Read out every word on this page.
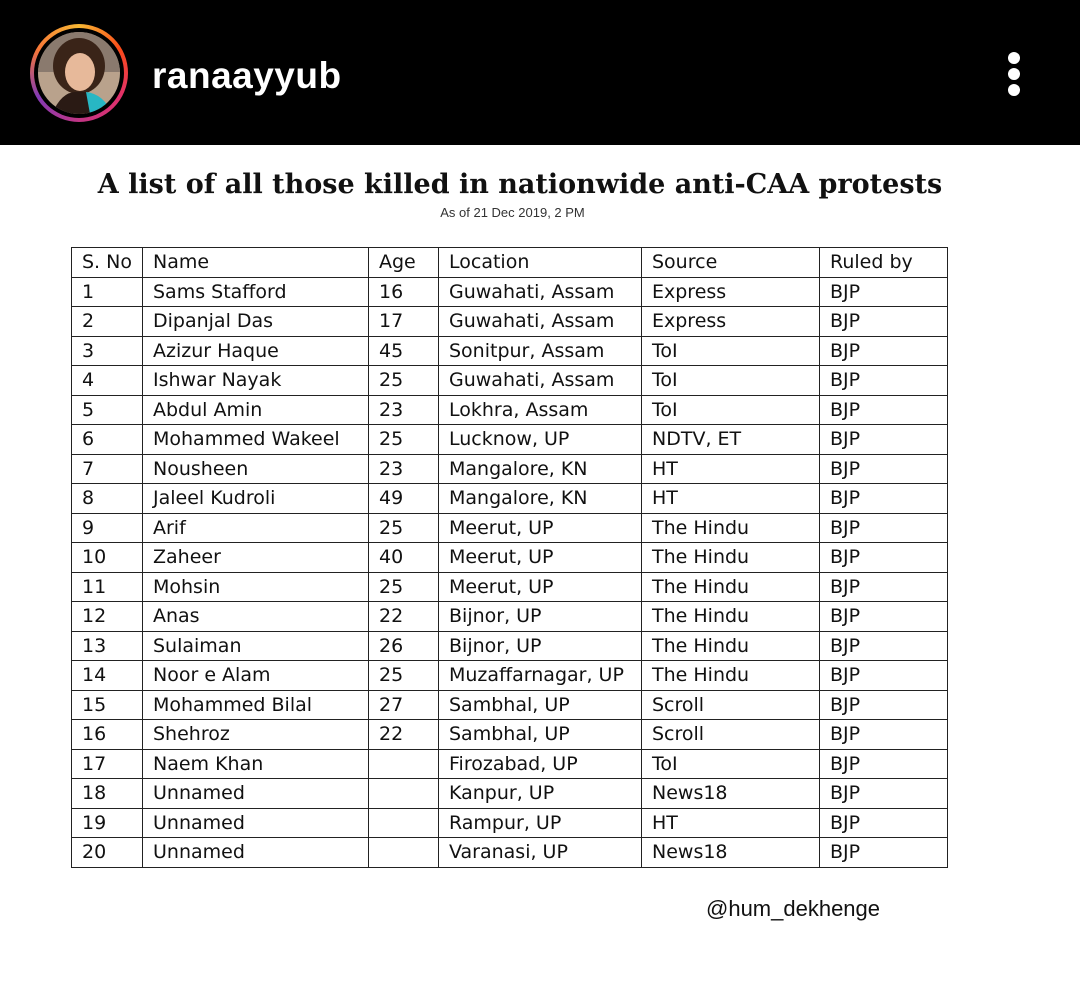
ranaayyub
A list of all those killed in nationwide anti-CAA protests
As of 21 Dec 2019, 2 PM
S. No	Name	Age	Location	Source	Ruled by
1	Sams Stafford	16	Guwahati, Assam	Express	BJP
2	Dipanjal Das	17	Guwahati, Assam	Express	BJP
3	Azizur Haque	45	Sonitpur, Assam	ToI	BJP
4	Ishwar Nayak	25	Guwahati, Assam	ToI	BJP
5	Abdul Amin	23	Lokhra, Assam	ToI	BJP
6	Mohammed Wakeel	25	Lucknow, UP	NDTV, ET	BJP
7	Nousheen	23	Mangalore, KN	HT	BJP
8	Jaleel Kudroli	49	Mangalore, KN	HT	BJP
9	Arif	25	Meerut, UP	The Hindu	BJP
10	Zaheer	40	Meerut, UP	The Hindu	BJP
11	Mohsin	25	Meerut, UP	The Hindu	BJP
12	Anas	22	Bijnor, UP	The Hindu	BJP
13	Sulaiman	26	Bijnor, UP	The Hindu	BJP
14	Noor e Alam	25	Muzaffarnagar, UP	The Hindu	BJP
15	Mohammed Bilal	27	Sambhal, UP	Scroll	BJP
16	Shehroz	22	Sambhal, UP	Scroll	BJP
17	Naem Khan		Firozabad, UP	ToI	BJP
18	Unnamed		Kanpur, UP	News18	BJP
19	Unnamed		Rampur, UP	HT	BJP
20	Unnamed		Varanasi, UP	News18	BJP
@hum_dekhenge
